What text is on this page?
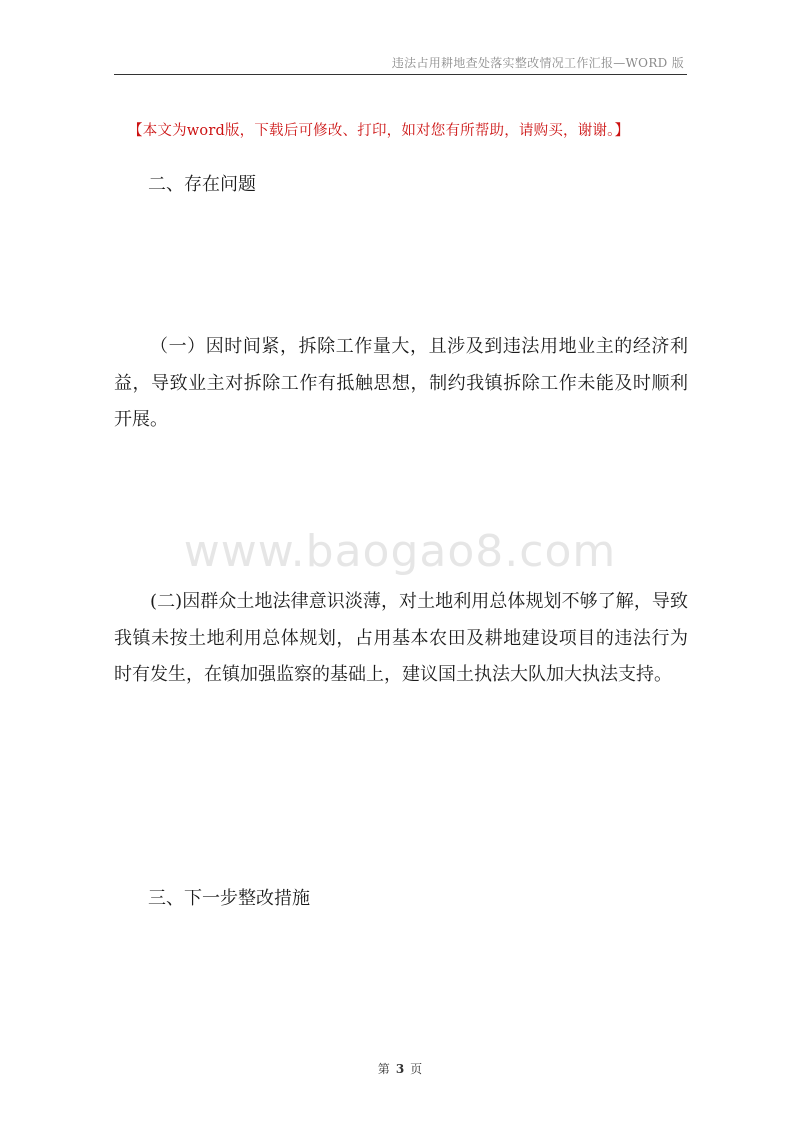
违法占用耕地查处落实整改情况工作汇报—WORD 版
【本文为word版，下载后可修改、打印，如对您有所帮助，请购买，谢谢。】
二、存在问题

（一）因时间紧，拆除工作量大，且涉及到违法用地业主的经济利益，导致业主对拆除工作有抵触思想，制约我镇拆除工作未能及时顺利开展。

www.baogao8.com

(二)因群众土地法律意识淡薄，对土地利用总体规划不够了解，导致我镇未按土地利用总体规划，占用基本农田及耕地建设项目的违法行为时有发生，在镇加强监察的基础上，建议国土执法大队加大执法支持。

三、下一步整改措施
第 3 页
